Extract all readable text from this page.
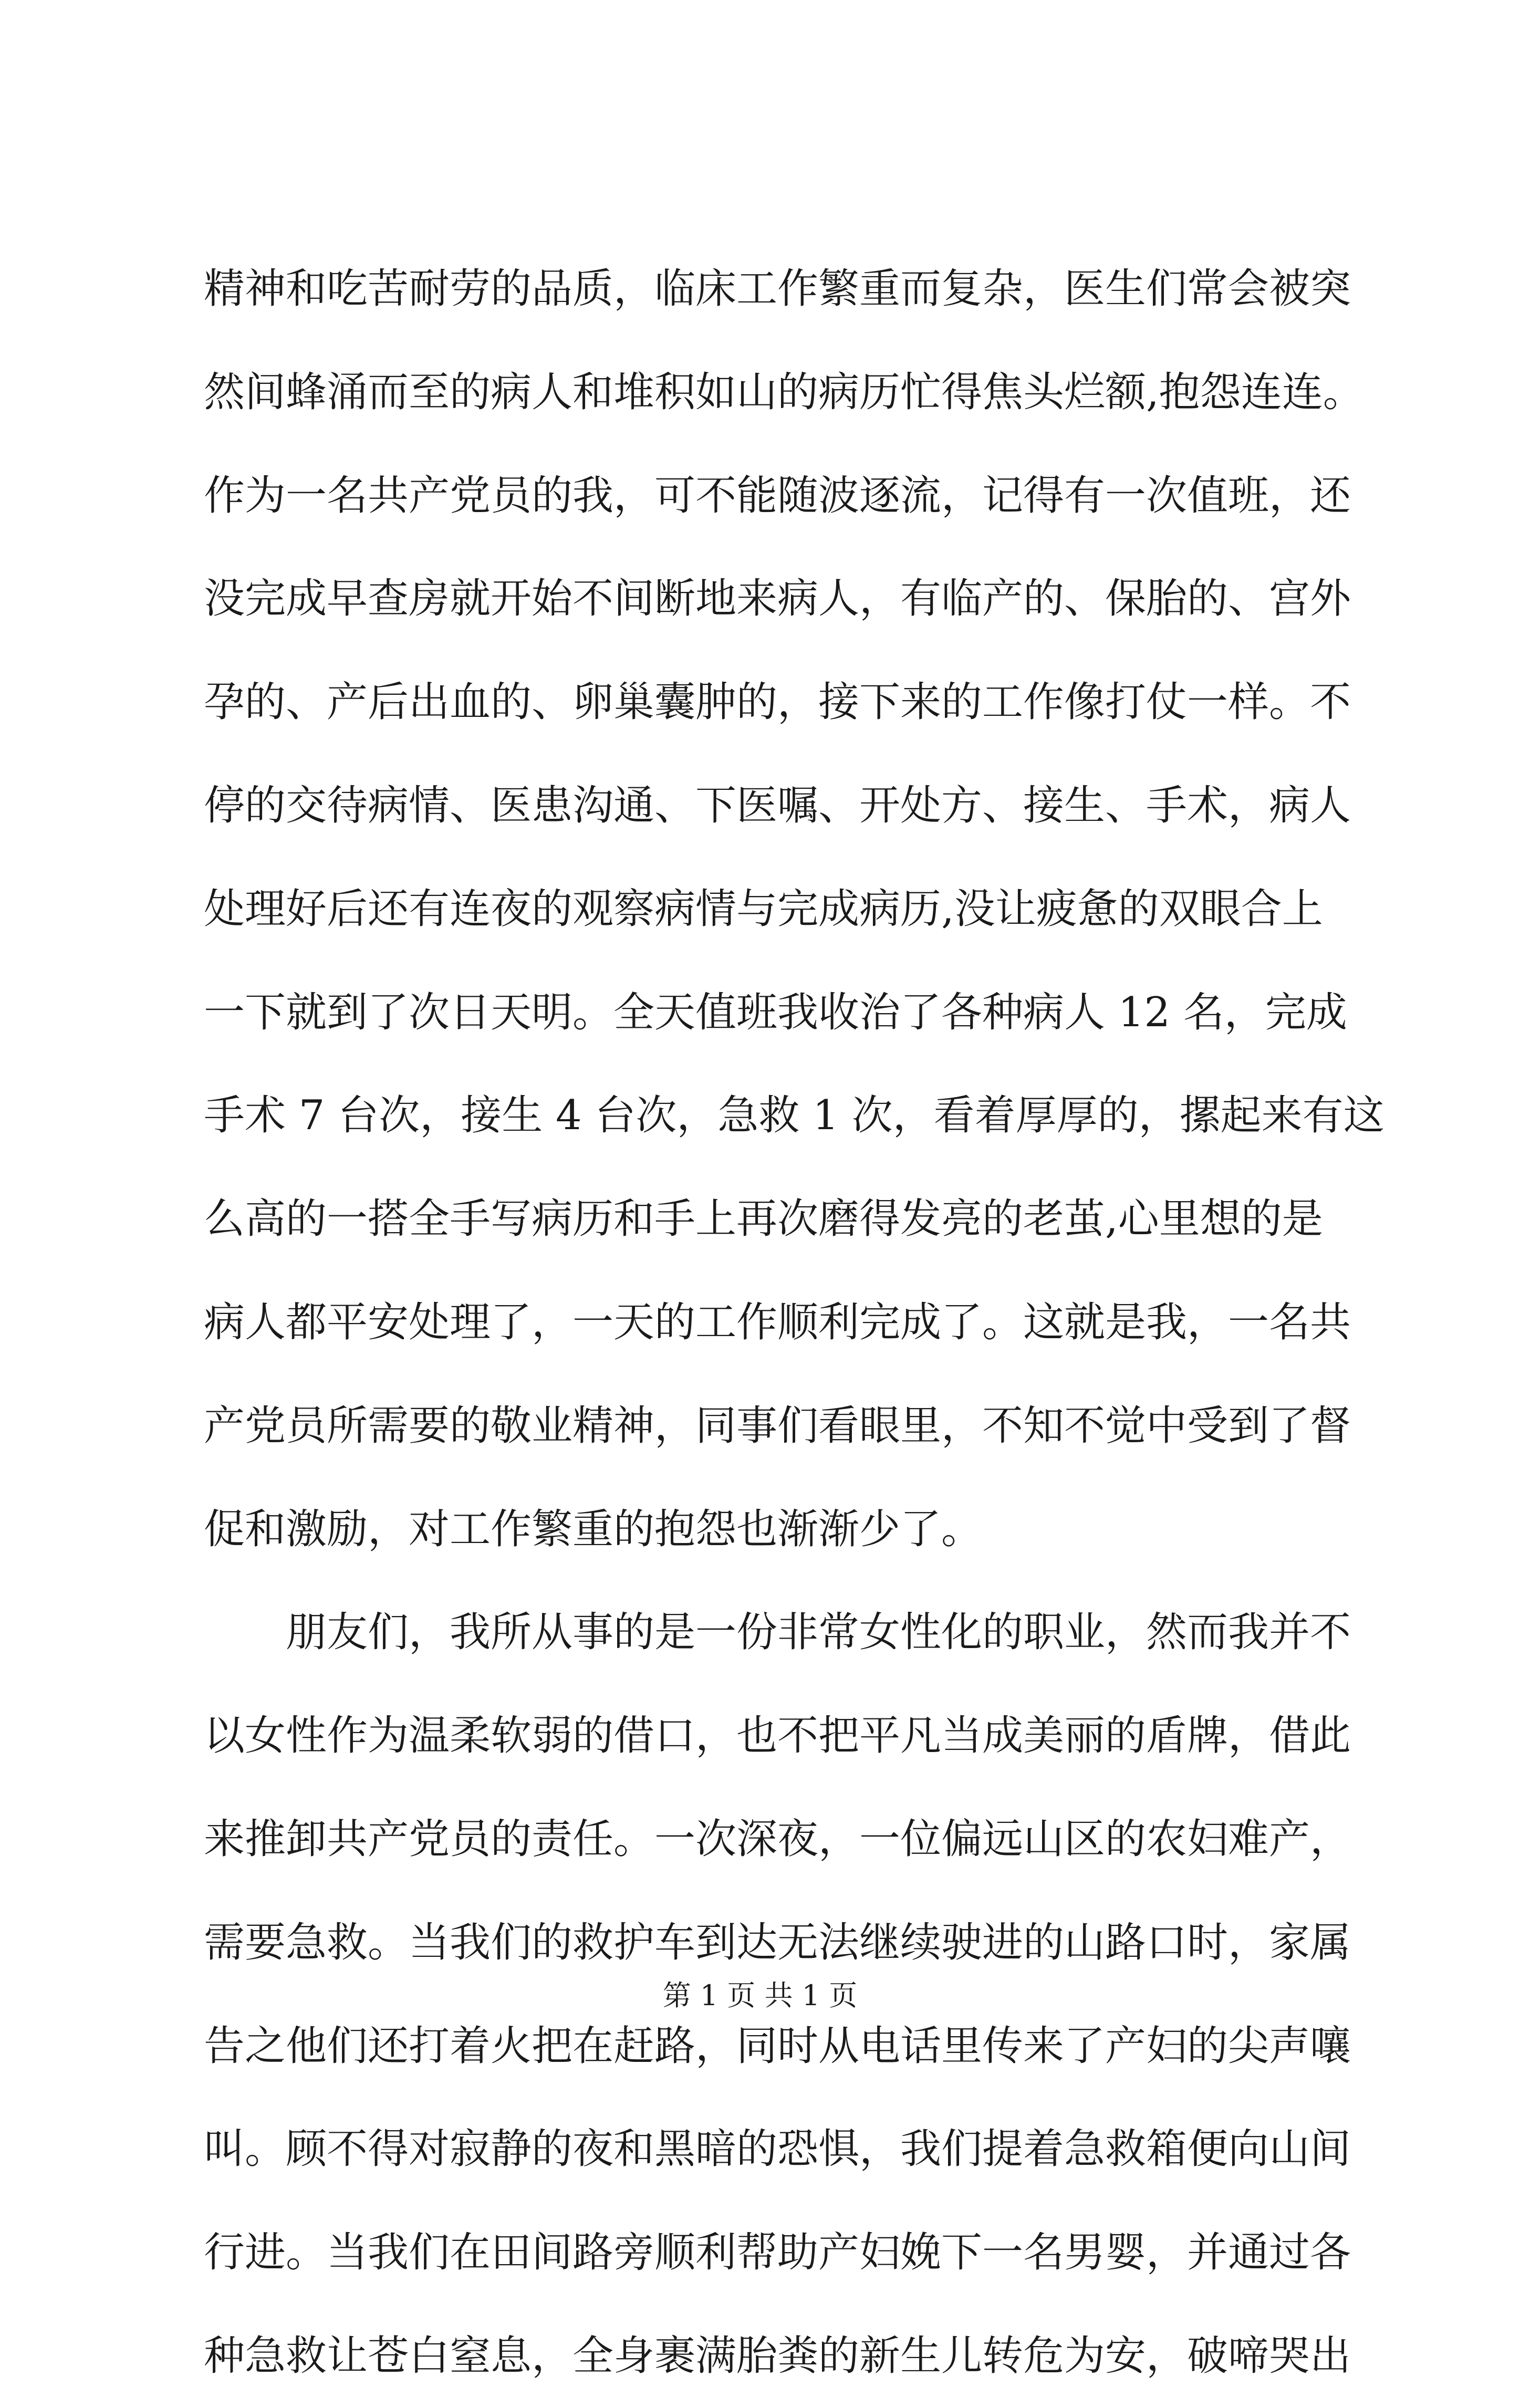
精神和吃苦耐劳的品质，临床工作繁重而复杂，医生们常会被突
然间蜂涌而至的病人和堆积如山的病历忙得焦头烂额,抱怨连连。
作为一名共产党员的我，可不能随波逐流，记得有一次值班，还
没完成早查房就开始不间断地来病人，有临产的、保胎的、宫外
孕的、产后出血的、卵巢囊肿的，接下来的工作像打仗一样。不
停的交待病情、医患沟通、下医嘱、开处方、接生、手术，病人
处理好后还有连夜的观察病情与完成病历,没让疲惫的双眼合上
一下就到了次日天明。全天值班我收治了各种病人 12 名，完成
手术 7 台次，接生 4 台次，急救 1 次，看着厚厚的，摞起来有这
么高的一搭全手写病历和手上再次磨得发亮的老茧,心里想的是
病人都平安处理了，一天的工作顺利完成了。这就是我，一名共
产党员所需要的敬业精神，同事们看眼里，不知不觉中受到了督
促和激励，对工作繁重的抱怨也渐渐少了。
朋友们，我所从事的是一份非常女性化的职业，然而我并不
以女性作为温柔软弱的借口，也不把平凡当成美丽的盾牌，借此
来推卸共产党员的责任。一次深夜，一位偏远山区的农妇难产，
需要急救。当我们的救护车到达无法继续驶进的山路口时，家属
告之他们还打着火把在赶路，同时从电话里传来了产妇的尖声嚷
叫。顾不得对寂静的夜和黑暗的恐惧，我们提着急救箱便向山间
行进。当我们在田间路旁顺利帮助产妇娩下一名男婴，并通过各
种急救让苍白窒息，全身裹满胎粪的新生儿转危为安，破啼哭出
第 1 页 共 1 页
